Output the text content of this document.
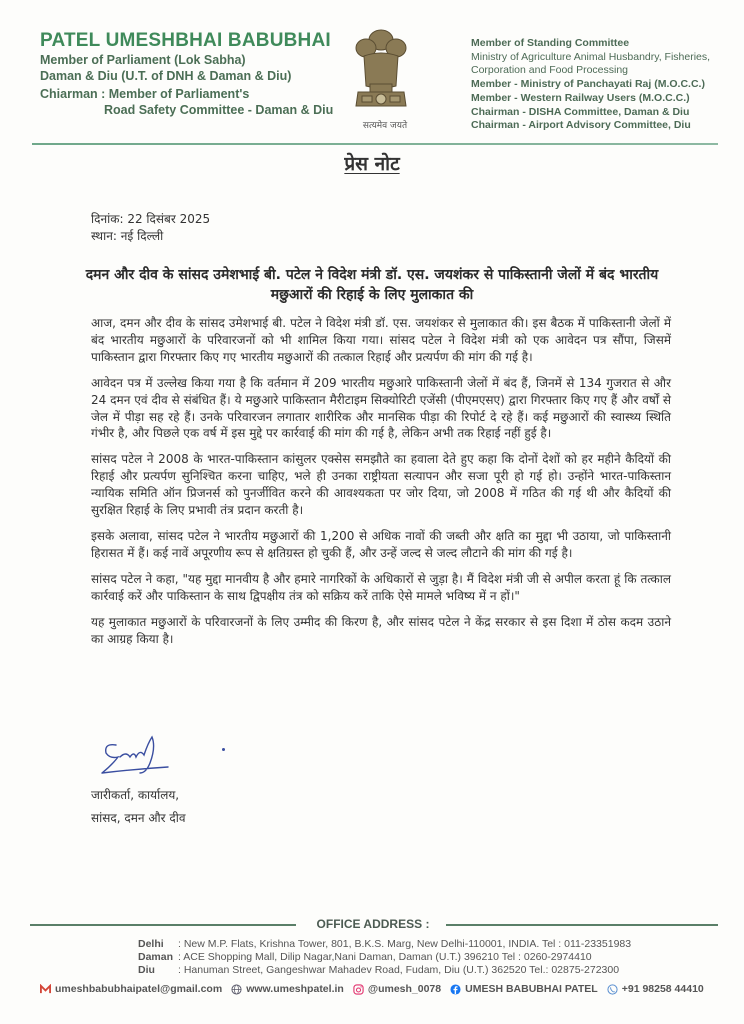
PATEL UMESHBHAI BABUBHAI
Member of Parliament (Lok Sabha)
Daman & Diu (U.T. of DNH & Daman & Diu)
Chiarman : Member of Parliament's
Road Safety Committee - Daman & Diu
सत्यमेव जयते
Member of Standing Committee
Ministry of Agriculture Animal Husbandry, Fisheries,
Corporation and Food Processing
Member - Ministry of Panchayati Raj (M.O.C.C.)
Member - Western Railway Users (M.O.C.C.)
Chairman - DISHA Committee, Daman & Diu
Chairman - Airport Advisory Committee, Diu
प्रेस नोट
दिनांक: 22 दिसंबर 2025
स्थान: नई दिल्ली
दमन और दीव के सांसद उमेशभाई बी. पटेल ने विदेश मंत्री डॉ. एस. जयशंकर से पाकिस्तानी जेलों में बंद भारतीय मछुआरों की रिहाई के लिए मुलाकात की

आज, दमन और दीव के सांसद उमेशभाई बी. पटेल ने विदेश मंत्री डॉ. एस. जयशंकर से मुलाकात की। इस बैठक में पाकिस्तानी जेलों में बंद भारतीय मछुआरों के परिवारजनों को भी शामिल किया गया। सांसद पटेल ने विदेश मंत्री को एक आवेदन पत्र सौंपा, जिसमें पाकिस्तान द्वारा गिरफ्तार किए गए भारतीय मछुआरों की तत्काल रिहाई और प्रत्यर्पण की मांग की गई है।

आवेदन पत्र में उल्लेख किया गया है कि वर्तमान में 209 भारतीय मछुआरे पाकिस्तानी जेलों में बंद हैं, जिनमें से 134 गुजरात से और 24 दमन एवं दीव से संबंधित हैं। ये मछुआरे पाकिस्तान मैरीटाइम सिक्योरिटी एजेंसी (पीएमएसए) द्वारा गिरफ्तार किए गए हैं और वर्षों से जेल में पीड़ा सह रहे हैं। उनके परिवारजन लगातार शारीरिक और मानसिक पीड़ा की रिपोर्ट दे रहे हैं। कई मछुआरों की स्वास्थ्य स्थिति गंभीर है, और पिछले एक वर्ष में इस मुद्दे पर कार्रवाई की मांग की गई है, लेकिन अभी तक रिहाई नहीं हुई है।

सांसद पटेल ने 2008 के भारत-पाकिस्तान कांसुलर एक्सेस समझौते का हवाला देते हुए कहा कि दोनों देशों को हर महीने कैदियों की रिहाई और प्रत्यर्पण सुनिश्चित करना चाहिए, भले ही उनका राष्ट्रीयता सत्यापन और सजा पूरी हो गई हो। उन्होंने भारत-पाकिस्तान न्यायिक समिति ऑन प्रिजनर्स को पुनर्जीवित करने की आवश्यकता पर जोर दिया, जो 2008 में गठित की गई थी और कैदियों की सुरक्षित रिहाई के लिए प्रभावी तंत्र प्रदान करती है।

इसके अलावा, सांसद पटेल ने भारतीय मछुआरों की 1,200 से अधिक नावों की जब्ती और क्षति का मुद्दा भी उठाया, जो पाकिस्तानी हिरासत में हैं। कई नावें अपूरणीय रूप से क्षतिग्रस्त हो चुकी हैं, और उन्हें जल्द से जल्द लौटाने की मांग की गई है।

सांसद पटेल ने कहा, "यह मुद्दा मानवीय है और हमारे नागरिकों के अधिकारों से जुड़ा है। मैं विदेश मंत्री जी से अपील करता हूं कि तत्काल कार्रवाई करें और पाकिस्तान के साथ द्विपक्षीय तंत्र को सक्रिय करें ताकि ऐसे मामले भविष्य में न हों।"

यह मुलाकात मछुआरों के परिवारजनों के लिए उम्मीद की किरण है, और सांसद पटेल ने केंद्र सरकार से इस दिशा में ठोस कदम उठाने का आग्रह किया है।

जारीकर्ता, कार्यालय,
सांसद, दमन और दीव
OFFICE ADDRESS :
Delhi	: New M.P. Flats, Krishna Tower, 801, B.K.S. Marg, New Delhi-110001, INDIA. Tel : 011-23351983
Daman : ACE Shopping Mall, Dilip Nagar,Nani Daman, Daman (U.T.) 396210 Tel : 0260-2974410
Diu	: Hanuman Street, Gangeshwar Mahadev Road, Fudam, Diu (U.T.) 362520 Tel.: 02875-272300
umeshbabubhaipatel@gmail.com www.umeshpatel.in @umesh_0078 UMESH BABUBHAI PATEL +91 98258 44410
